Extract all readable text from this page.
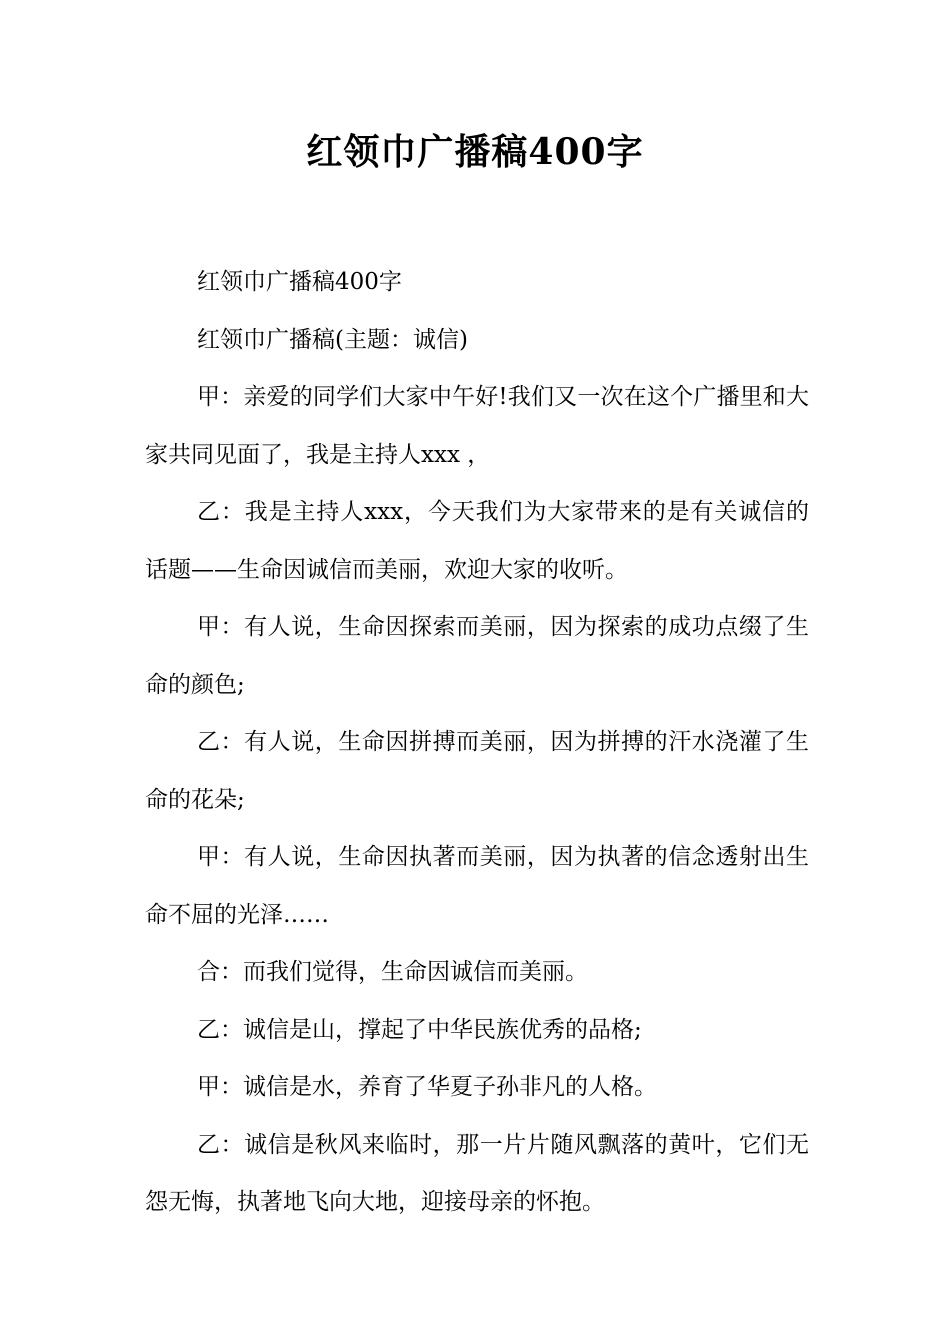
红领巾广播稿400字

红领巾广播稿400字

红领巾广播稿(主题：诚信)

甲：亲爱的同学们大家中午好!我们又一次在这个广播里和大家共同见面了，我是主持人xxx ，

乙：我是主持人xxx，今天我们为大家带来的是有关诚信的话题——生命因诚信而美丽，欢迎大家的收听。

甲：有人说，生命因探索而美丽，因为探索的成功点缀了生命的颜色;

乙：有人说，生命因拼搏而美丽，因为拼搏的汗水浇灌了生命的花朵;

甲：有人说，生命因执著而美丽，因为执著的信念透射出生命不屈的光泽……

合：而我们觉得，生命因诚信而美丽。

乙：诚信是山，撑起了中华民族优秀的品格;

甲：诚信是水，养育了华夏子孙非凡的人格。

乙：诚信是秋风来临时，那一片片随风飘落的黄叶，它们无怨无悔，执著地飞向大地，迎接母亲的怀抱。
